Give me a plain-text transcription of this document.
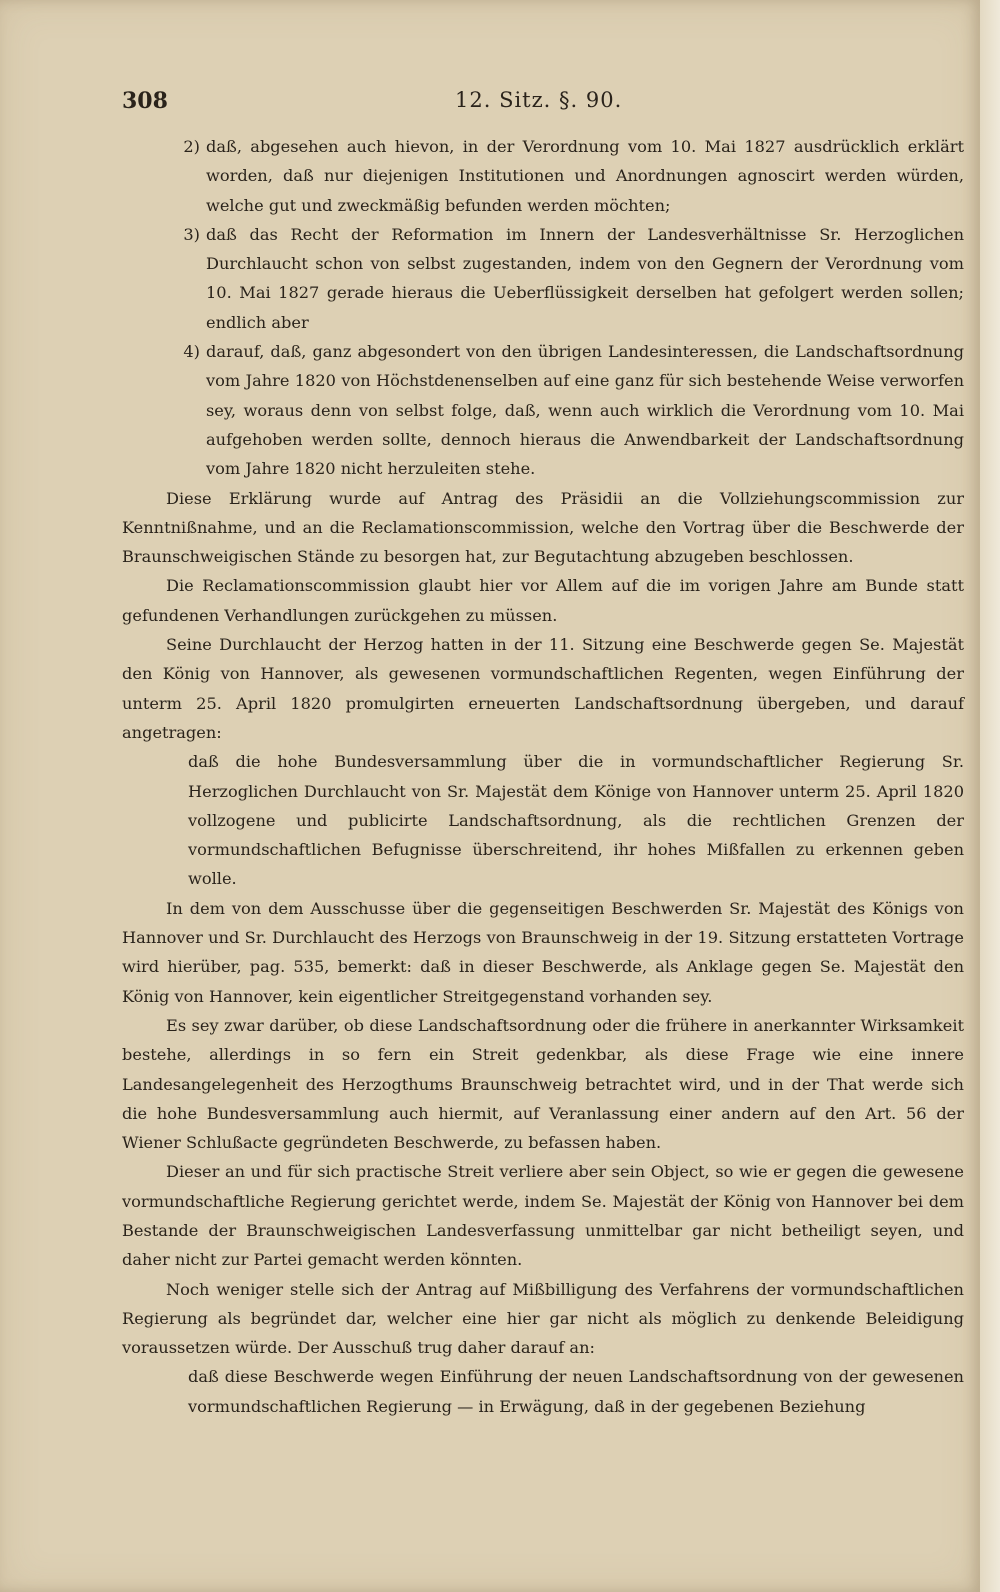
308	12. Sitz. §. 90.
2) daß, abgesehen auch hievon, in der Verordnung vom 10. Mai 1827 ausdrücklich erklärt worden, daß nur diejenigen Institutionen und Anordnungen agnoscirt werden würden, welche gut und zweckmäßig befunden werden möchten;
3) daß das Recht der Reformation im Innern der Landesverhältnisse Sr. Herzoglichen Durchlaucht schon von selbst zugestanden, indem von den Gegnern der Verordnung vom 10. Mai 1827 gerade hieraus die Ueberflüssigkeit derselben hat gefolgert werden sollen; endlich aber
4) darauf, daß, ganz abgesondert von den übrigen Landesinteressen, die Landschaftsordnung vom Jahre 1820 von Höchstdenenselben auf eine ganz für sich bestehende Weise verworfen sey, woraus denn von selbst folge, daß, wenn auch wirklich die Verordnung vom 10. Mai aufgehoben werden sollte, dennoch hieraus die Anwendbarkeit der Landschaftsordnung vom Jahre 1820 nicht herzuleiten stehe.

Diese Erklärung wurde auf Antrag des Präsidii an die Vollziehungscommission zur Kenntnißnahme, und an die Reclamationscommission, welche den Vortrag über die Beschwerde der Braunschweigischen Stände zu besorgen hat, zur Begutachtung abzugeben beschlossen.

Die Reclamationscommission glaubt hier vor Allem auf die im vorigen Jahre am Bunde statt gefundenen Verhandlungen zurückgehen zu müssen.

Seine Durchlaucht der Herzog hatten in der 11. Sitzung eine Beschwerde gegen Se. Majestät den König von Hannover, als gewesenen vormundschaftlichen Regenten, wegen Einführung der unterm 25. April 1820 promulgirten erneuerten Landschaftsordnung übergeben, und darauf angetragen:

daß die hohe Bundesversammlung über die in vormundschaftlicher Regierung Sr. Herzoglichen Durchlaucht von Sr. Majestät dem Könige von Hannover unterm 25. April 1820 vollzogene und publicirte Landschaftsordnung, als die rechtlichen Grenzen der vormundschaftlichen Befugnisse überschreitend, ihr hohes Mißfallen zu erkennen geben wolle.

In dem von dem Ausschusse über die gegenseitigen Beschwerden Sr. Majestät des Königs von Hannover und Sr. Durchlaucht des Herzogs von Braunschweig in der 19. Sitzung erstatteten Vortrage wird hierüber, pag. 535, bemerkt: daß in dieser Beschwerde, als Anklage gegen Se. Majestät den König von Hannover, kein eigentlicher Streitgegenstand vorhanden sey.

Es sey zwar darüber, ob diese Landschaftsordnung oder die frühere in anerkannter Wirksamkeit bestehe, allerdings in so fern ein Streit gedenkbar, als diese Frage wie eine innere Landesangelegenheit des Herzogthums Braunschweig betrachtet wird, und in der That werde sich die hohe Bundesversammlung auch hiermit, auf Veranlassung einer andern auf den Art. 56 der Wiener Schlußacte gegründeten Beschwerde, zu befassen haben.

Dieser an und für sich practische Streit verliere aber sein Object, so wie er gegen die gewesene vormundschaftliche Regierung gerichtet werde, indem Se. Majestät der König von Hannover bei dem Bestande der Braunschweigischen Landesverfassung unmittelbar gar nicht betheiligt seyen, und daher nicht zur Partei gemacht werden könnten.

Noch weniger stelle sich der Antrag auf Mißbilligung des Verfahrens der vormundschaftlichen Regierung als begründet dar, welcher eine hier gar nicht als möglich zu denkende Beleidigung voraussetzen würde. Der Ausschuß trug daher darauf an:

daß diese Beschwerde wegen Einführung der neuen Landschaftsordnung von der gewesenen vormundschaftlichen Regierung — in Erwägung, daß in der gegebenen Beziehung
